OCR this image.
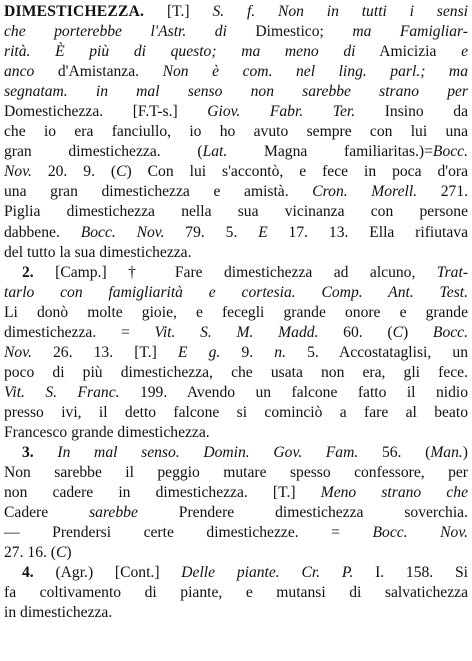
DIMESTICHEZZA. [T.] S. f. Non in tutti i sensi
che porterebbe l'Astr. di Dimestico; ma Famigliar-
rità. È più di questo; ma meno di Amicizia e
anco d'Amistanza. Non è com. nel ling. parl.; ma
segnatam. in mal senso non sarebbe strano per
Domestichezza. [F.T-s.] Giov. Fabr. Ter. Insino da
che io era fanciullo, io ho avuto sempre con lui una
gran dimestichezza. (Lat. Magna familiaritas.)=Bocc.
Nov. 20. 9. (C) Con lui s'accontò, e fece in poca d'ora
una gran dimestichezza e amistà. Cron. Morell. 271.
Piglia dimestichezza nella sua vicinanza con persone
dabbene. Bocc. Nov. 79. 5. E 17. 13. Ella rifiutava
del tutto la sua dimestichezza.
2. [Camp.] † Fare dimestichezza ad alcuno, Trat-
tarlo con famigliarità e cortesia. Comp. Ant. Test.
Li donò molte gioie, e fecegli grande onore e grande
dimestichezza. = Vit. S. M. Madd. 60. (C) Bocc.
Nov. 26. 13. [T.] E g. 9. n. 5. Accostataglisi, un
poco di più dimestichezza, che usata non era, gli fece.
Vit. S. Franc. 199. Avendo un falcone fatto il nidio
presso ivi, il detto falcone si cominciò a fare al beato
Francesco grande dimestichezza.
3. In mal senso. Domin. Gov. Fam. 56. (Man.)
Non sarebbe il peggio mutare spesso confessore, per
non cadere in dimestichezza. [T.] Meno strano che
Cadere sarebbe Prendere dimestichezza soverchia.
— Prendersi certe dimestichezze. = Bocc. Nov.
27. 16. (C)
4. (Agr.) [Cont.] Delle piante. Cr. P. I. 158. Si
fa coltivamento di piante, e mutansi di salvatichezza
in dimestichezza.
